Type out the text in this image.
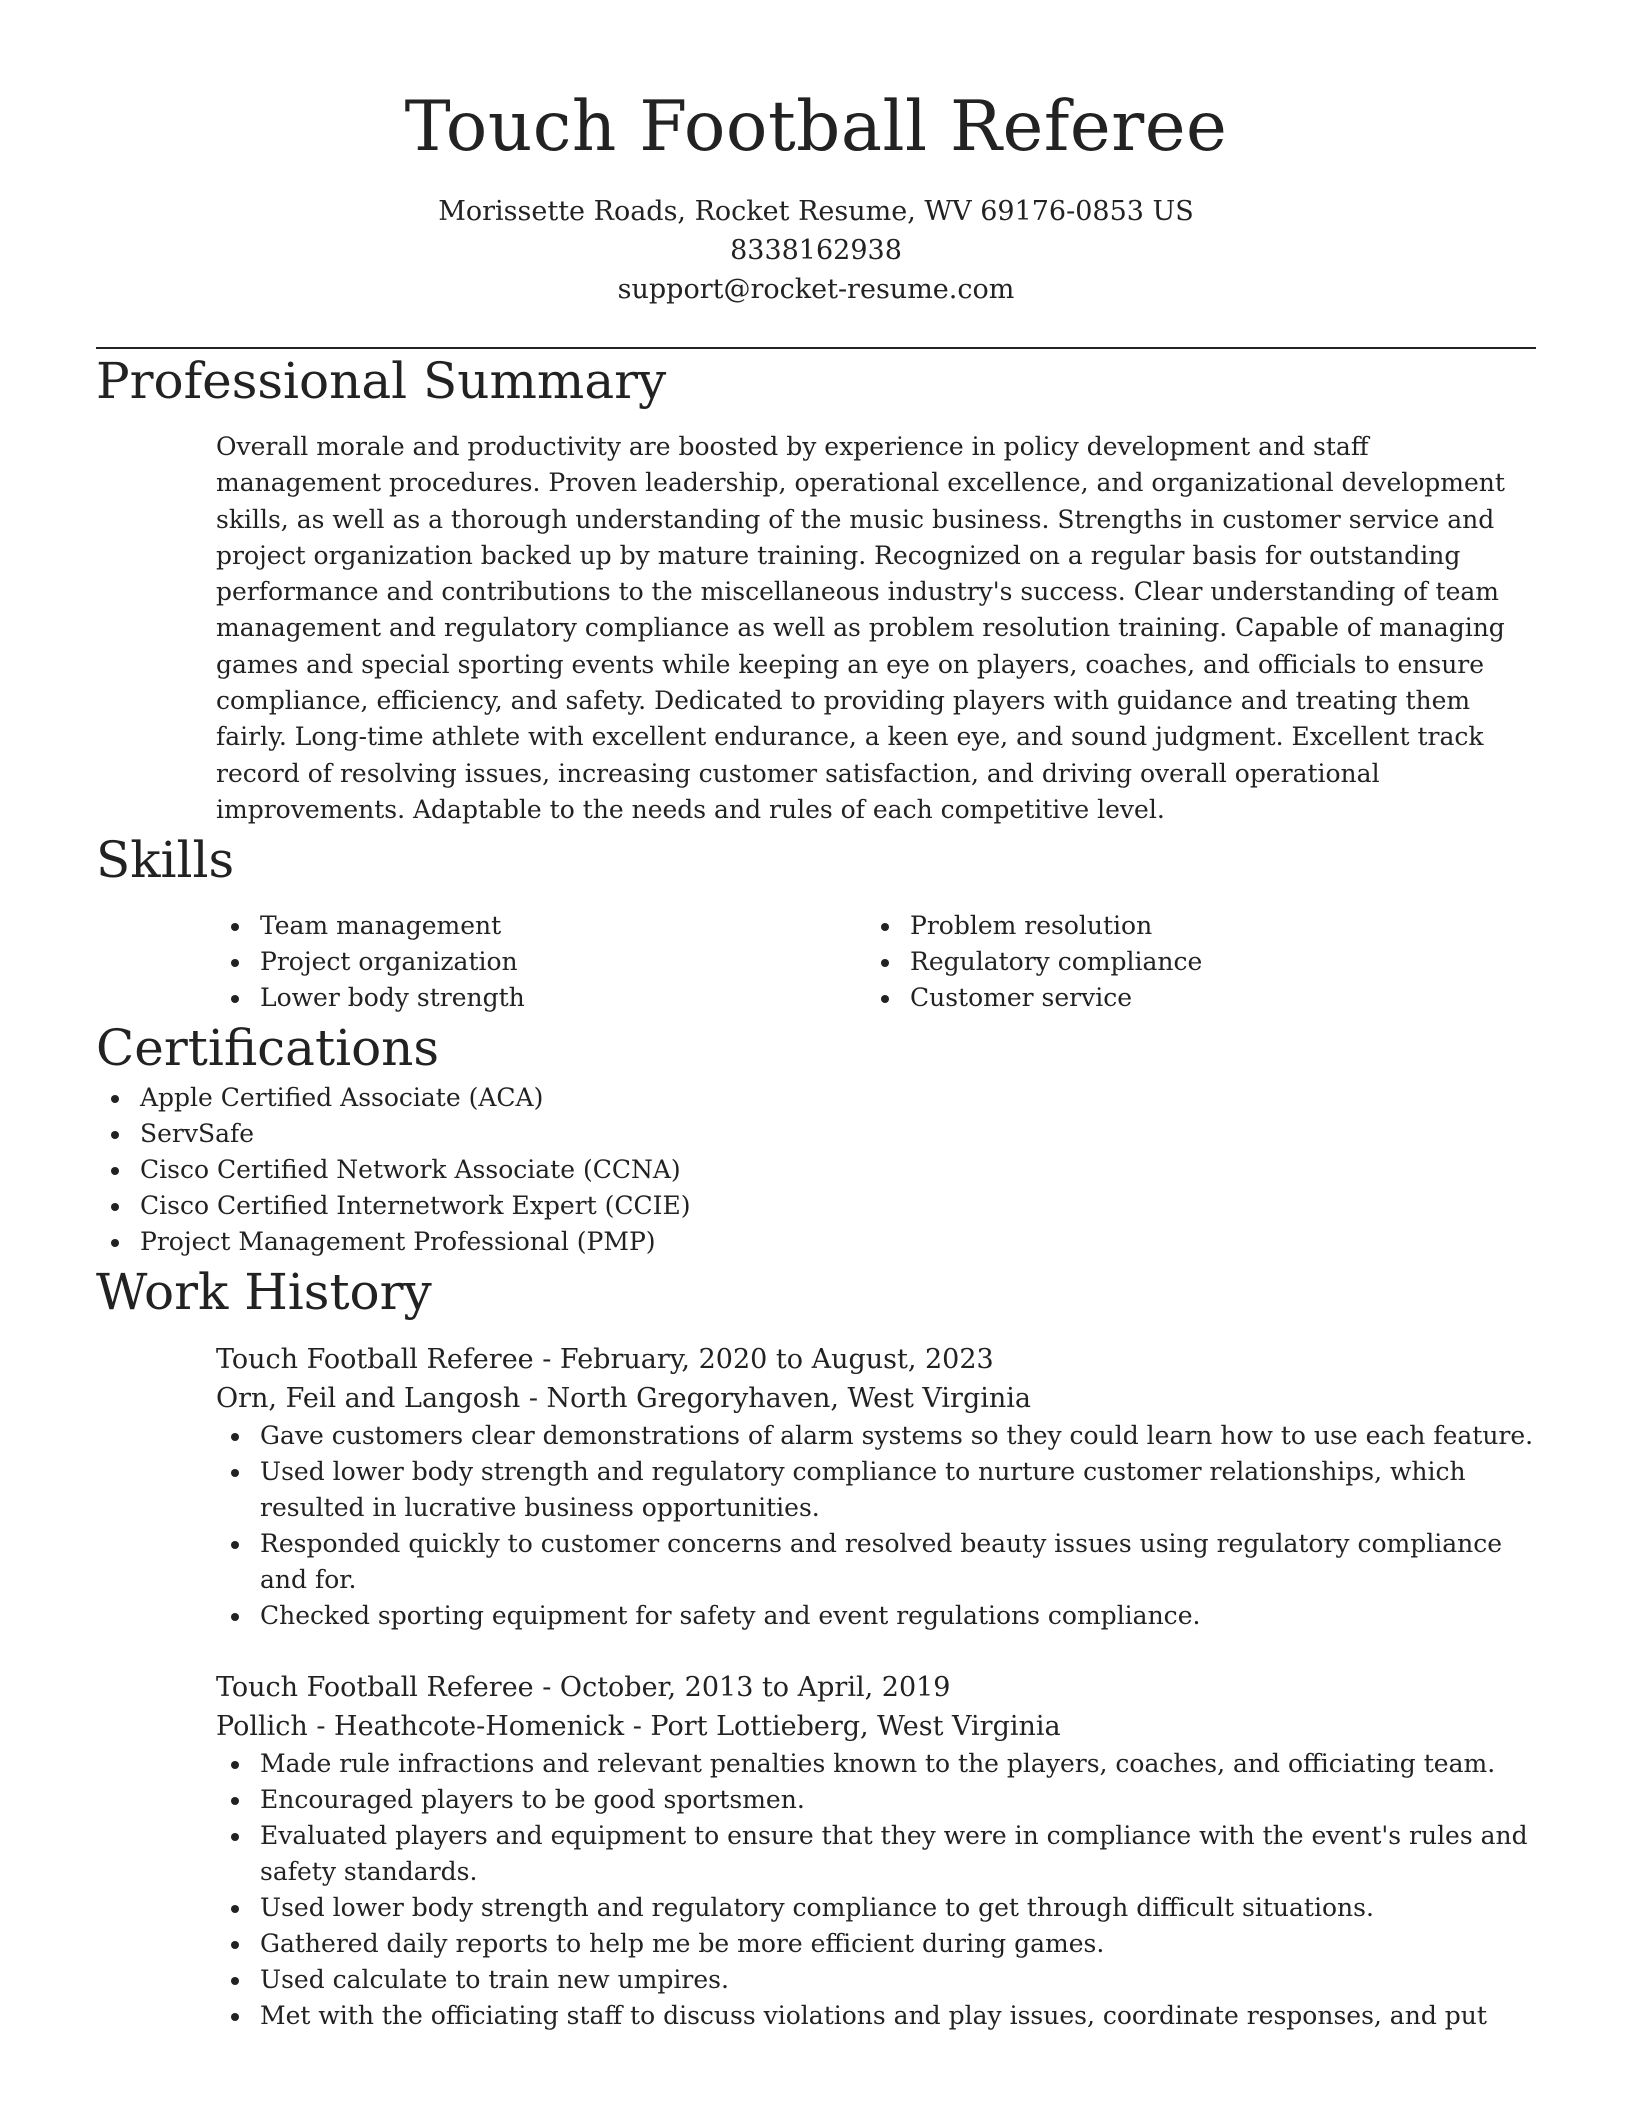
Touch Football Referee
Morissette Roads, Rocket Resume, WV 69176-0853 US
8338162938
support@rocket-resume.com
Professional Summary

Overall morale and productivity are boosted by experience in policy development and staff management procedures. Proven leadership, operational excellence, and organizational development skills, as well as a thorough understanding of the music business. Strengths in customer service and project organization backed up by mature training. Recognized on a regular basis for outstanding performance and contributions to the miscellaneous industry's success. Clear understanding of team management and regulatory compliance as well as problem resolution training. Capable of managing games and special sporting events while keeping an eye on players, coaches, and officials to ensure compliance, efficiency, and safety. Dedicated to providing players with guidance and treating them fairly. Long-time athlete with excellent endurance, a keen eye, and sound judgment. Excellent track record of resolving issues, increasing customer satisfaction, and driving overall operational improvements. Adaptable to the needs and rules of each competitive level.

Skills
Team management
Project organization
Lower body strength
Problem resolution
Regulatory compliance
Customer service
Certifications
Apple Certified Associate (ACA)
ServSafe
Cisco Certified Network Associate (CCNA)
Cisco Certified Internetwork Expert (CCIE)
Project Management Professional (PMP)
Work History
Touch Football Referee - February, 2020 to August, 2023
Orn, Feil and Langosh - North Gregoryhaven, West Virginia
Gave customers clear demonstrations of alarm systems so they could learn how to use each feature.
Used lower body strength and regulatory compliance to nurture customer relationships, which resulted in lucrative business opportunities.
Responded quickly to customer concerns and resolved beauty issues using regulatory compliance and for.
Checked sporting equipment for safety and event regulations compliance.
Touch Football Referee - October, 2013 to April, 2019
Pollich - Heathcote-Homenick - Port Lottieberg, West Virginia
Made rule infractions and relevant penalties known to the players, coaches, and officiating team.
Encouraged players to be good sportsmen.
Evaluated players and equipment to ensure that they were in compliance with the event's rules and safety standards.
Used lower body strength and regulatory compliance to get through difficult situations.
Gathered daily reports to help me be more efficient during games.
Used calculate to train new umpires.
Met with the officiating staff to discuss violations and play issues, coordinate responses, and put
